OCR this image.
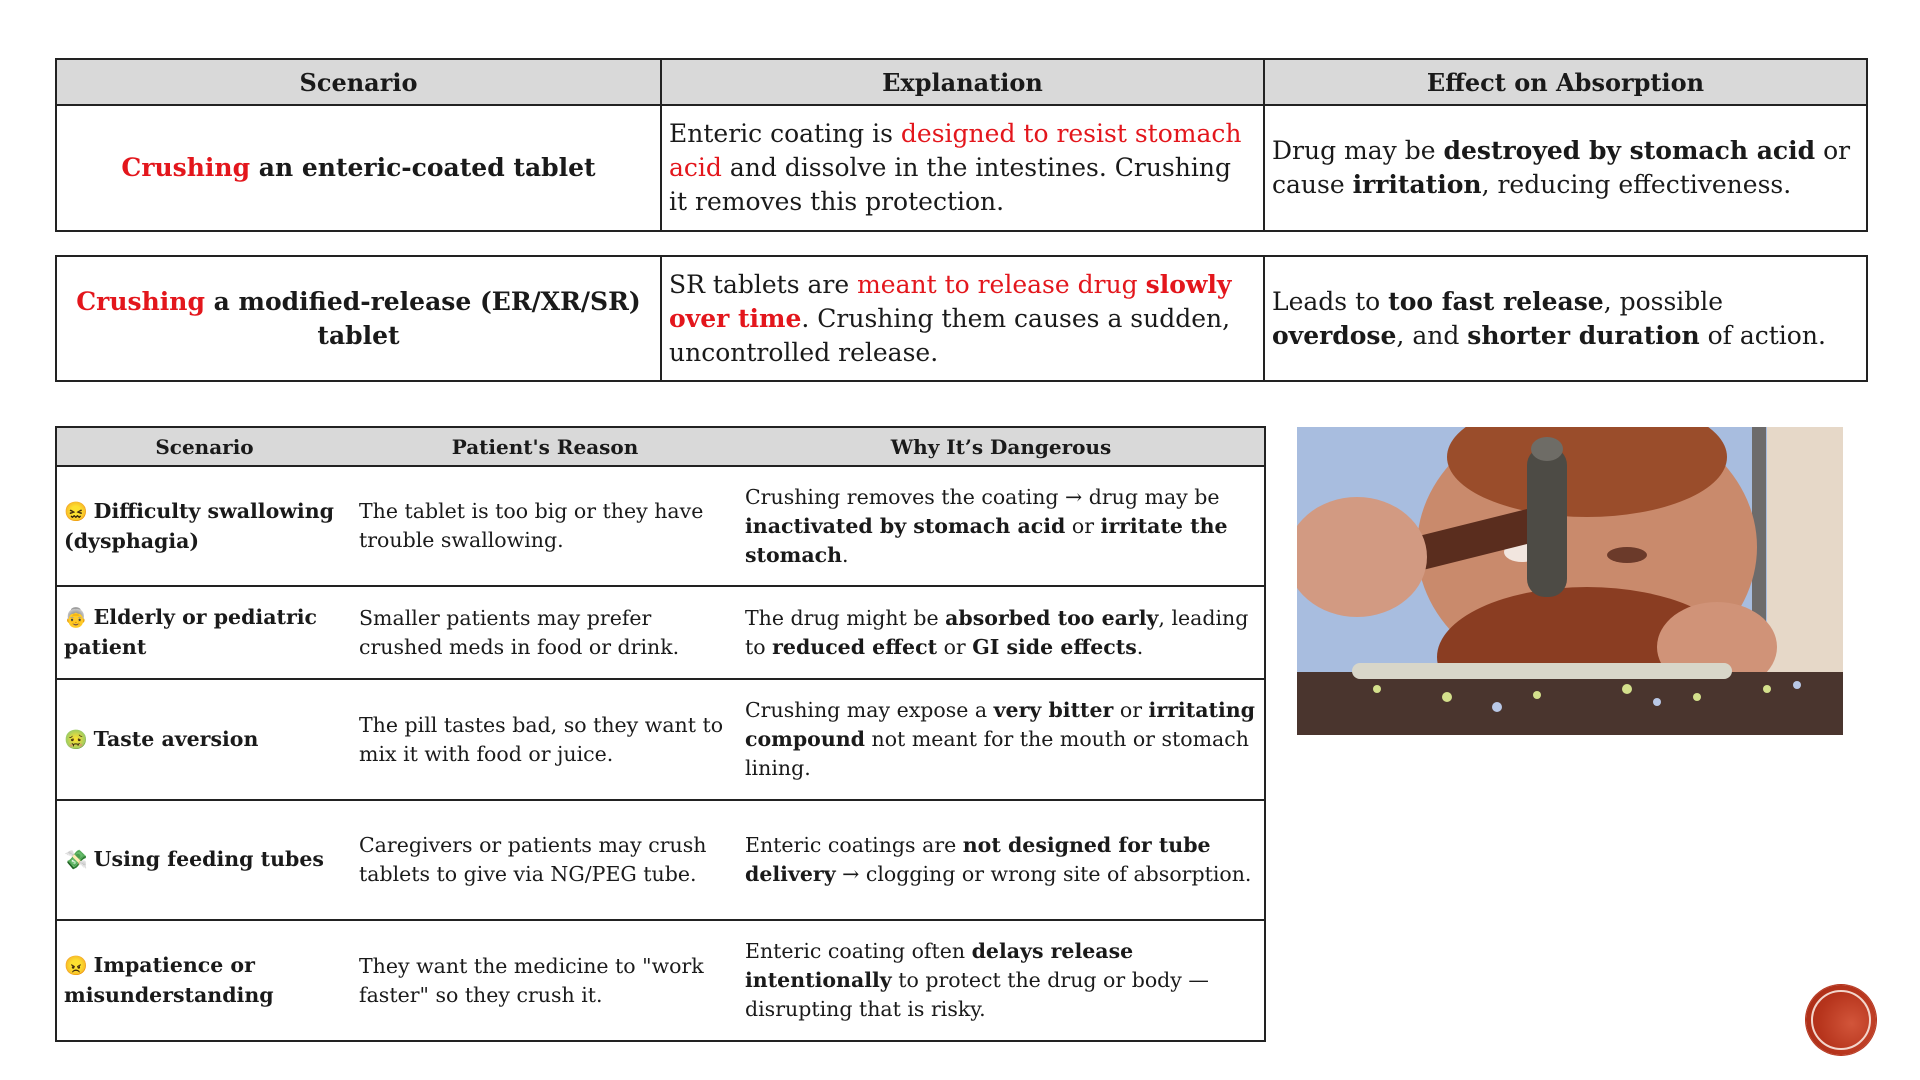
Scenario	Explanation	Effect on Absorption
Crushing an enteric-coated tablet	Enteric coating is designed to resist stomach acid and dissolve in the intestines. Crushing it removes this protection.	Drug may be destroyed by stomach acid or cause irritation, reducing effectiveness.
Crushing a modified-release (ER/XR/SR) tablet	SR tablets are meant to release drug slowly over time. Crushing them causes a sudden, uncontrolled release.	Leads to too fast release, possible overdose, and shorter duration of action.
Scenario	Patient's Reason	Why It’s Dangerous
😖 Difficulty swallowing (dysphagia)	The tablet is too big or they have trouble swallowing.	Crushing removes the coating → drug may be inactivated by stomach acid or irritate the stomach.
👵 Elderly or pediatric patient	Smaller patients may prefer crushed meds in food or drink.	The drug might be absorbed too early, leading to reduced effect or GI side effects.
🤢 Taste aversion	The pill tastes bad, so they want to mix it with food or juice.	Crushing may expose a very bitter or irritating compound not meant for the mouth or stomach lining.
💸 Using feeding tubes	Caregivers or patients may crush tablets to give via NG/PEG tube.	Enteric coatings are not designed for tube delivery → clogging or wrong site of absorption.
😠 Impatience or misunderstanding	They want the medicine to "work faster" so they crush it.	Enteric coating often delays release intentionally to protect the drug or body — disrupting that is risky.
